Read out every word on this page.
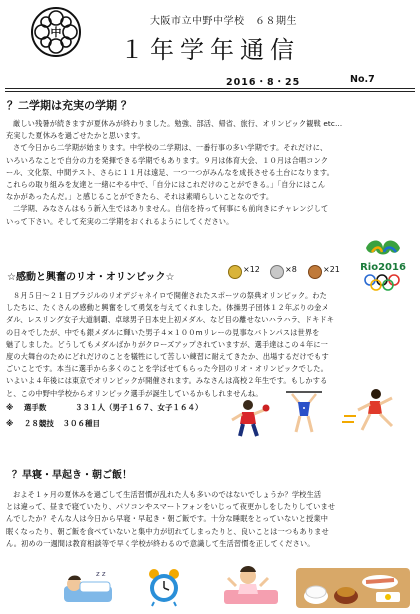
中
大阪市立中野中学校　６８期生
１年学年通信
2016・8・25	No.7
？二学期は充実の学期 ？
厳しい残暑が続きますが夏休みが終わりました。勉強、部活、帰省、旅行、オリンピック観戦 etc…
充実した夏休みを過ごせたかと思います。
さて今日から二学期が始まります。中学校の二学期は、一番行事の多い学期です。それだけに、
いろいろなことで自分の力を発揮できる学期でもあります。９月は体育大会、１０月は合唱コンク
ール、文化祭、中間テスト、さらに１１月は遠足、一つ一つがみんなを成長させる土台になります。
これらの取り組みを友達と一緒にやる中で、「自分にはこれだけのことができる。」「自分にはこん
なかがあったんだ。」と感じることができたら、それは素晴らしいことなのです。
二学期、みなさんはもう新入生ではありません。自信を持って何事にも前向きにチャレンジして
いって下さい。そして充実の二学期をおくれるようにしてください。
☆感動と興奮のリオ・オリンピック☆
×12	×8	×21 Rio2016
８月５日～２１日ブラジルのリオデジャネイロで開催されたスポーツの祭典オリンピック。わた
したちに、たくさんの感動と興奮をして勇気を与えてくれました。体操男子団体１２年ぶりの金メ
ダル、レスリング女子大道制覇、卓球男子日本史上初メダル、など目の離せないハラハラ、ドキドキ
の日々でしたが、中でも銀メダルに輝いた男子４×１００mリレーの見事なバトンパスは世界を
魅了しました。どうしてもメダルばかりがクローズアップされていますが、選手達はこの４年に一
度の大舞台のためにどれだけのことを犠牲にして苦しい練習に耐えてきたか、出場するだけでもす
ごいことです。本当に選手から多くのことを学ばせてもらった今回のリオ・オリンピックでした。
いよいよ４年後には東京でオリンピックが開催されます。みなさんは高校２年生です。もしかする
と、この中野中学校からオリンピック選手が誕生しているかもしれませんね。
※ 選手数	３３１人（男子１６７、女子１６４）
※ ２８競技 ３０６種目
？早寝・早起き・朝ご飯！
およそ１ヶ月の夏休みを過ごして生活習慣が乱れた人も多いのではないでしょうか？学校生活
とは違って、昼まで寝ていたり、パソコンやスマートフォンをいじって夜更かしをしたりしていませ
んでしたか？そんな人は今日から早寝・早起き・朝ご飯です。十分な睡眠をとっていないと授業中
眠くなったり、朝ご飯を食べていないと集中力が切れてしまったりと、良いことは一つもありませ
ん。初めの一週間は教育相談等で早く学校が終わるので意識して生活習慣を正してください。
z z
